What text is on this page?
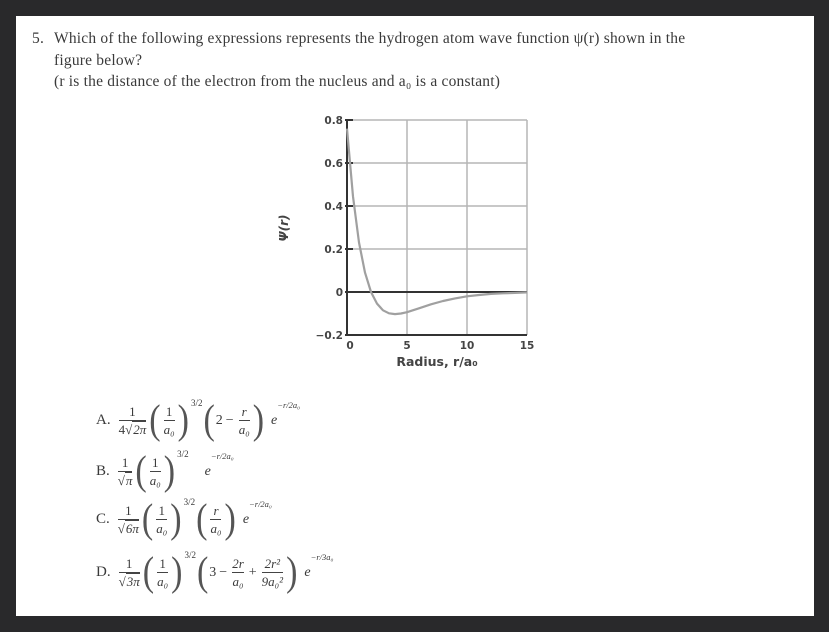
5. Which of the following expressions represents the hydrogen atom wave function ψ(r) shown in the
figure below?
(r is the distance of the electron from the nucleus and a₀ is a constant)
−0.2
0
0.2
0.4
0.6
0.8
0	5	10	15
Ψ(r)
Radius, r/a₀
A. $\frac{1}{4√2\pi}$ ( $\frac{1}{\text{a₀}}$ ) 3/2 ( $2 - \frac{r}{\text{a₀}}$ ) e
−r/2a₀
B. $\frac{1}{√\pi}$ ( $\frac{1}{\text{a₀}}$ ) 3/2
e
−r/2a₀
C. $\frac{1}{√6\pi}$ ( $\frac{1}{\text{a₀}}$ ) 3/2 ( $\frac{r}{\text{a₀}}$ ) e
−r/2a₀
D. $\frac{1}{√3\pi}$ ( $\frac{1}{\text{a₀}}$ ) 3/2 ( $3 - \frac{2r}{\text{a₀}} + \frac{\text{2r²}}{\text{9a₀²}}$ ) e
−r/3a₀
